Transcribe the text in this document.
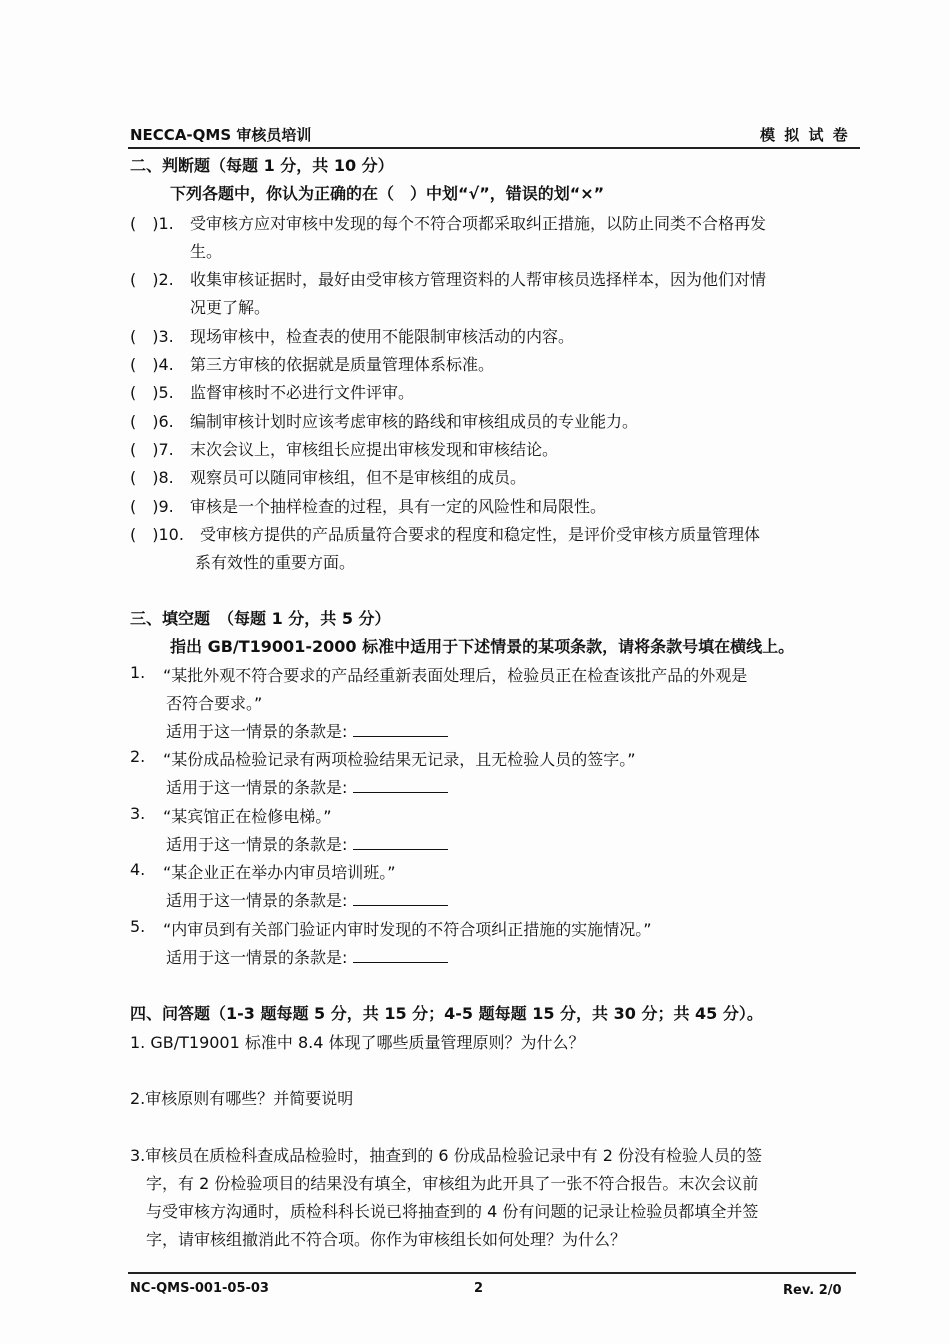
NECCA-QMS 审核员培训	模 拟 试 卷
二、判断题（每题 1 分，共 10 分）
下列各题中，你认为正确的在（　）中划“√”，错误的划“×”
(　)1. 受审核方应对审核中发现的每个不符合项都采取纠正措施，以防止同类不合格再发
生。
(　)2. 收集审核证据时，最好由受审核方管理资料的人帮审核员选择样本，因为他们对情
况更了解。
(　)3. 现场审核中，检查表的使用不能限制审核活动的内容。
(　)4. 第三方审核的依据就是质量管理体系标准。
(　)5. 监督审核时不必进行文件评审。
(　)6. 编制审核计划时应该考虑审核的路线和审核组成员的专业能力。
(　)7. 末次会议上，审核组长应提出审核发现和审核结论。
(　)8. 观察员可以随同审核组，但不是审核组的成员。
(　)9. 审核是一个抽样检查的过程，具有一定的风险性和局限性。
(　)10. 受审核方提供的产品质量符合要求的程度和稳定性，是评价受审核方质量管理体
系有效性的重要方面。
三、填空题　（每题 1 分，共 5 分）
指出 GB/T19001-2000 标准中适用于下述情景的某项条款，请将条款号填在横线上。
1. “某批外观不符合要求的产品经重新表面处理后，检验员正在检查该批产品的外观是
否符合要求。”
适用于这一情景的条款是:
2. “某份成品检验记录有两项检验结果无记录，且无检验人员的签字。”
适用于这一情景的条款是:
3. “某宾馆正在检修电梯。”
适用于这一情景的条款是:
4. “某企业正在举办内审员培训班。”
适用于这一情景的条款是:
5. “内审员到有关部门验证内审时发现的不符合项纠正措施的实施情况。”
适用于这一情景的条款是:
四、问答题（1-3 题每题 5 分，共 15 分；4-5 题每题 15 分，共 30 分；共 45 分）。
1. GB/T19001 标准中 8.4 体现了哪些质量管理原则？为什么？
2.审核原则有哪些？并简要说明
3.审核员在质检科查成品检验时，抽查到的 6 份成品检验记录中有 2 份没有检验人员的签
字，有 2 份检验项目的结果没有填全，审核组为此开具了一张不符合报告。末次会议前
与受审核方沟通时，质检科科长说已将抽查到的 4 份有问题的记录让检验员都填全并签
字，请审核组撤消此不符合项。你作为审核组长如何处理？为什么？
NC-QMS-001-05-03	2	Rev. 2/0
